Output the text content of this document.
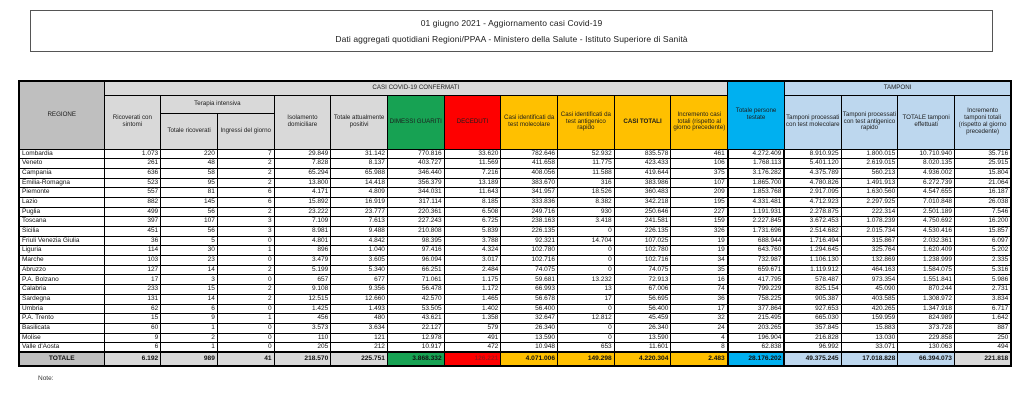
01 giugno 2021 - Aggiornamento casi Covid-19
Dati aggregati quotidiani Regioni/PPAA - Ministero della Salute - Istituto Superiore di Sanità
REGIONE	CASI COVID-19 CONFERMATI											Totale persone testate	TAMPONI			
	Ricoverati con sintomi	Terapia intensiva		Isolamento domiciliare	Totale attualmente positivi	DIMESSI GUARITI	DECEDUTI	Casi identificati da test molecolare	Casi identificati da test antigenico rapido	CASI TOTALI	Incremento casi totali (rispetto al giorno precedente)		Tamponi processati con test molecolare	Tamponi processati con test antigenico rapido	TOTALE tamponi effettuati	Incremento tamponi totali (rispetto al giorno precedente)
		Totale ricoverati	Ingressi del giorno													
Lombardia	1.073	220	7	29.849	31.142	770.816	33.620	782.646	52.932	835.578	461	4.272.409	8.910.925	1.800.015	10.710.940	35.716
Veneto	261	48	2	7.828	8.137	403.727	11.569	411.658	11.775	423.433	106	1.768.113	5.401.120	2.619.015	8.020.135	25.915
Campania	636	58	2	65.294	65.988	346.440	7.216	408.056	11.588	419.644	375	3.176.282	4.375.789	560.213	4.936.002	15.804
Emilia-Romagna	523	95	2	13.800	14.418	356.379	13.189	383.670	316	383.986	107	1.865.700	4.780.826	1.491.913	6.272.739	21.064
Piemonte	557	81	6	4.171	4.809	344.031	11.643	341.957	18.526	360.483	209	1.853.768	2.917.095	1.630.560	4.547.655	16.187
Lazio	882	145	6	15.892	16.919	317.114	8.185	333.836	8.382	342.218	195	4.331.481	4.712.923	2.297.925	7.010.848	26.038
Puglia	499	56	2	23.222	23.777	220.361	6.508	249.716	930	250.646	227	1.191.931	2.278.875	222.314	2.501.189	7.546
Toscana	397	107	3	7.109	7.613	227.243	6.725	238.163	3.418	241.581	159	2.227.845	3.672.453	1.078.239	4.750.692	16.200
Sicilia	451	56	3	8.981	9.488	210.808	5.839	226.135	0	226.135	326	1.731.696	2.514.682	2.015.734	4.530.416	15.857
Friuli Venezia Giulia	36	5	0	4.801	4.842	98.395	3.788	92.321	14.704	107.025	19	688.944	1.716.494	315.867	2.032.361	6.097
Liguria	114	30	1	896	1.040	97.416	4.324	102.780	0	102.780	19	643.760	1.294.645	325.764	1.620.409	5.202
Marche	103	23	0	3.479	3.605	96.094	3.017	102.716	0	102.716	34	732.987	1.106.130	132.869	1.238.999	2.335
Abruzzo	127	14	2	5.199	5.340	66.251	2.484	74.075	0	74.075	35	659.671	1.119.912	464.163	1.584.075	5.316
P.A. Bolzano	17	3	0	657	677	71.061	1.175	59.681	13.232	72.913	16	417.795	578.487	973.354	1.551.841	5.986
Calabria	233	15	2	9.108	9.356	56.478	1.172	66.993	13	67.006	74	799.229	825.154	45.090	870.244	2.731
Sardegna	131	14	2	12.515	12.660	42.570	1.465	56.678	17	56.695	36	758.225	905.387	403.585	1.308.972	3.834
Umbria	62	6	0	1.425	1.493	53.505	1.402	56.400	0	56.400	17	377.864	927.653	420.265	1.347.918	6.717
P.A. Trento	15	9	1	456	480	43.621	1.358	32.647	12.812	45.459	32	215.495	665.030	159.959	824.989	1.642
Basilicata	60	1	0	3.573	3.634	22.127	579	26.340	0	26.340	24	203.265	357.845	15.883	373.728	887
Molise	9	2	0	110	121	12.978	491	13.590	0	13.590	4	196.904	216.828	13.030	229.858	250
Valle d'Aosta	6	1	0	205	212	10.917	472	10.948	653	11.601	8	62.838	96.992	33.071	130.063	494
TOTALE	6.192	989	41	218.570	225.751	3.868.332	126.221	4.071.006	149.298	4.220.304	2.483	28.176.202	49.375.245	17.018.828	66.394.073	221.818
Note:
